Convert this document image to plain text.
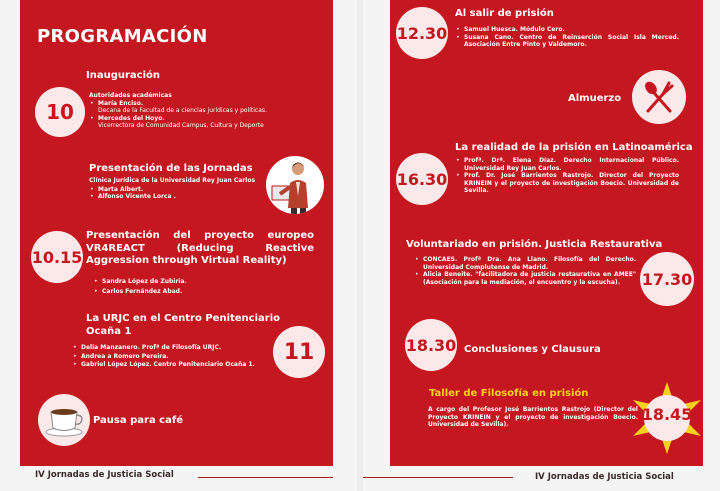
PROGRAMACIÓN
10
Inauguración
Autoridades académicas
• María Enciso.
Decana de la Facultad de a ciencias jurídicas y políticas.
• Mercedes del Hoyo.
Vicerrectora de Comunidad Campus, Cultura y Deporte
Presentación de las Jornadas
Clínica Jurídica de la Universidad Rey Juan Carlos
• Marta Albert.
• Alfonso Vicente Lorca .
10.15
Presentación del proyecto europeo VR4REACT (Reducing Reactive Aggression through Virtual Reality)
• Sandra López de Zubiria.
• Carlos Fernández Abad.
La URJC en el Centro Penitenciario Ocaña 1
• Delia Manzanero. Profª de Filosofía URJC.
• Andrea a Romero Pereira.
• Gabriel López López. Centro Penitenciario Ocaña 1.	11
Pausa para café
IV Jornadas de Justicia Social
12.30
Al salir de prisión
• Samuel Huesca. Módulo Cero.
• Susana Cano. Centro de Reinserción Social Isla Merced. Asociación Entre Pinto y Valdemoro.
Almuerzo
La realidad de la prisión en Latinoamérica
16.30
• Profª. Drª. Elena Díaz. Derecho Internacional Público. Universidad Rey Juan Carlos.
• Prof. Dr. José Barrientos Rastrojo. Director del Proyecto KRINEIN y el proyecto de investigación Boecio. Universidad de Sevilla.
Voluntariado en prisión. Justicia Restaurativa
• CONCAES. Profª Dra. Ana Llano. Filosofía del Derecho. Universidad Complutense de Madrid.
• Alicia Beneite. "facilitadora de justicia restaurativa en AMEE" (Asociación para la mediación, el encuentro y la escucha).	17.30
18.30 Conclusiones y Clausura
Taller de Filosofía en prisión
A cargo del Profesor José Barrientos Rastrojo (Director del Proyecto KRINEIN y el proyecto de investigación Boecio. Universidad de Sevilla).
18.45
IV Jornadas de Justicia Social
